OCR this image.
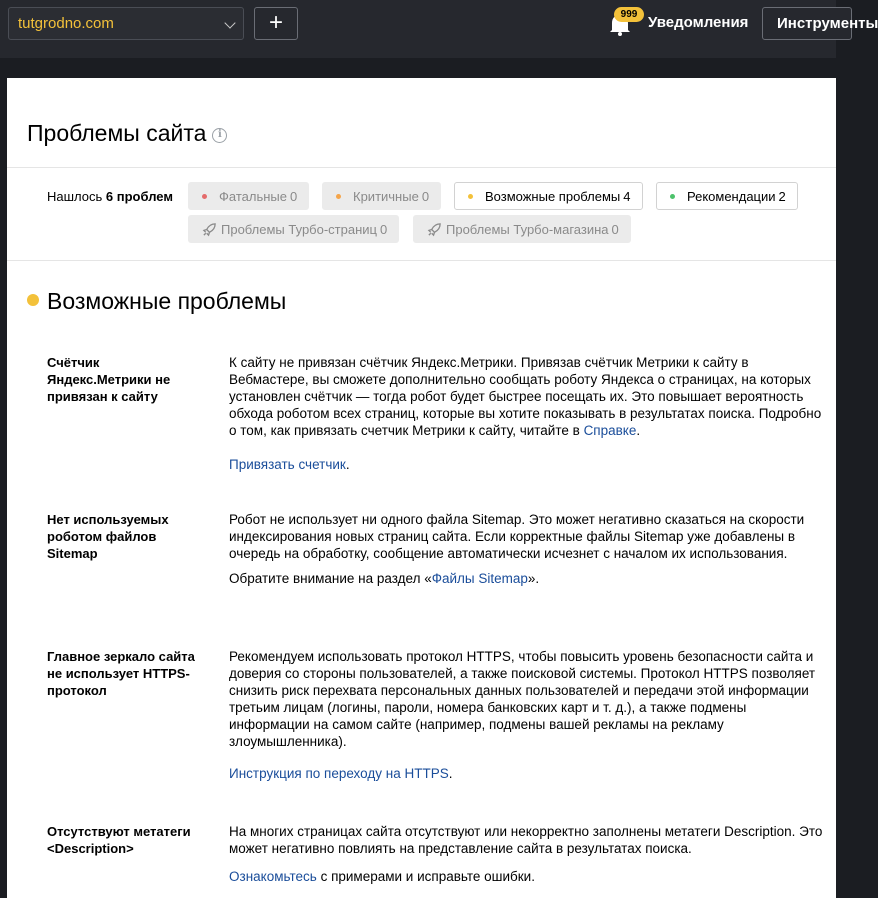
tutgrodno.com	+	999 Уведомления	Инструменты
Проблемы сайта i
Нашлось 6 проблем	Фатальные 0	Критичные 0	Возможные проблемы 4	Рекомендации 2
Проблемы Турбо-страниц 0	Проблемы Турбо-магазина 0
Возможные проблемы
Счётчик Яндекс.Метрики не привязан к сайту

К сайту не привязан счётчик Яндекс.Метрики. Привязав счётчик Метрики к сайту в Вебмастере, вы сможете дополнительно сообщать роботу Яндекса о страницах, на которых установлен счётчик — тогда робот будет быстрее посещать их. Это повышает вероятность обхода роботом всех страниц, которые вы хотите показывать в результатах поиска. Подробно о том, как привязать счетчик Метрики к сайту, читайте в Справке.

Привязать счетчик.

Нет используемых роботом файлов Sitemap

Робот не использует ни одного файла Sitemap. Это может негативно сказаться на скорости индексирования новых страниц сайта. Если корректные файлы Sitemap уже добавлены в очередь на обработку, сообщение автоматически исчезнет с началом их использования.

Обратите внимание на раздел «Файлы Sitemap».

Главное зеркало сайта не использует HTTPS-протокол

Рекомендуем использовать протокол HTTPS, чтобы повысить уровень безопасности сайта и доверия со стороны пользователей, а также поисковой системы. Протокол HTTPS позволяет снизить риск перехвата персональных данных пользователей и передачи этой информации третьим лицам (логины, пароли, номера банковских карт и т. д.), а также подмены информации на самом сайте (например, подмены вашей рекламы на рекламу злоумышленника).

Инструкция по переходу на HTTPS.

Отсутствуют метатеги <Description>

На многих страницах сайта отсутствуют или некорректно заполнены метатеги Description. Это может негативно повлиять на представление сайта в результатах поиска.

Ознакомьтесь с примерами и исправьте ошибки.
